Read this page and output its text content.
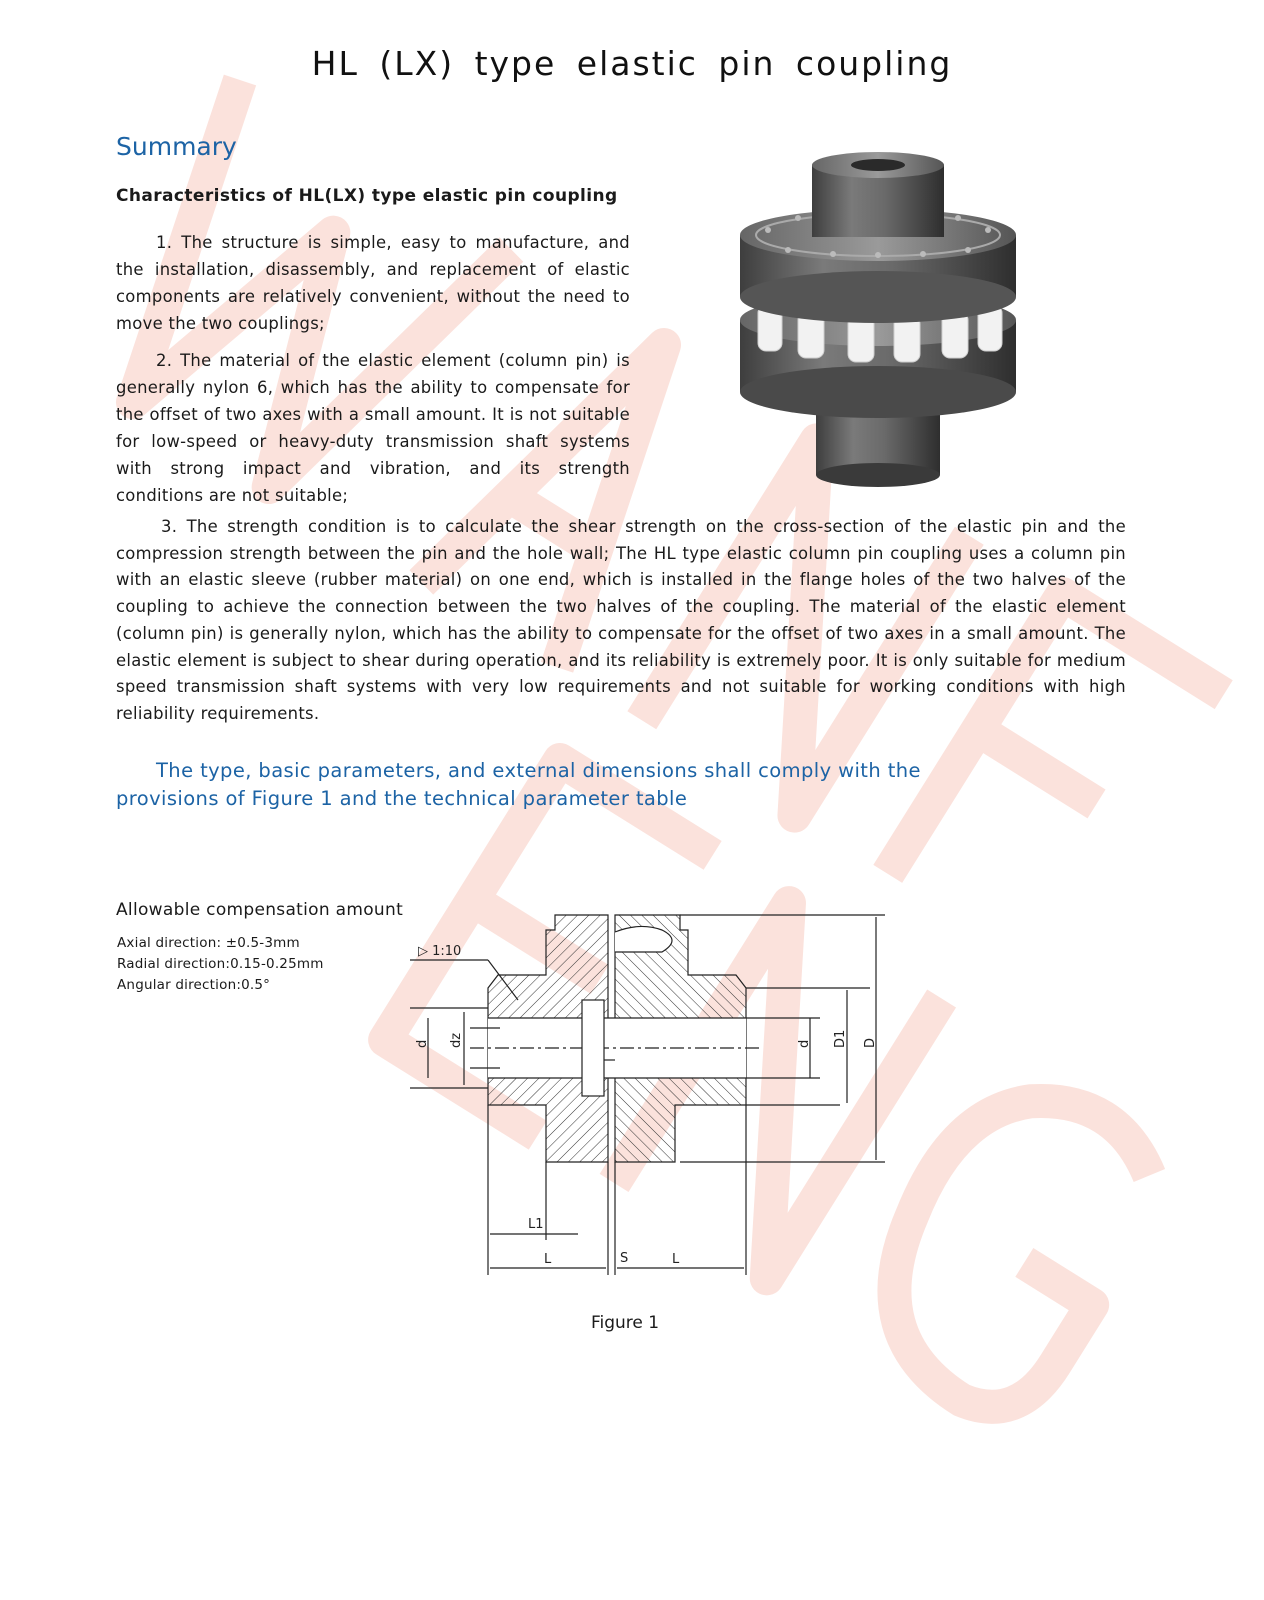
HL (LX) type elastic pin coupling
Summary
Characteristics of HL(LX) type elastic pin coupling

1. The structure is simple, easy to manufacture, and the installation, disassembly, and replacement of elastic components are relatively convenient, without the need to move the two couplings;

2. The material of the elastic element (column pin) is generally nylon 6, which has the ability to compensate for the offset of two axes with a small amount. It is not suitable for low-speed or heavy-duty transmission shaft systems with strong impact and vibration, and its strength conditions are not suitable;

3. The strength condition is to calculate the shear strength on the cross-section of the elastic pin and the compression strength between the pin and the hole wall; The HL type elastic column pin coupling uses a column pin with an elastic sleeve (rubber material) on one end, which is installed in the flange holes of the two halves of the coupling to achieve the connection between the two halves of the coupling. The material of the elastic element (column pin) is generally nylon, which has the ability to compensate for the offset of two axes in a small amount. The elastic element is subject to shear during operation, and its reliability is extremely poor. It is only suitable for medium speed transmission shaft systems with very low requirements and not suitable for working conditions with high reliability requirements.

The type, basic parameters, and external dimensions shall comply with the provisions of Figure 1 and the technical parameter table
Allowable compensation amount
Axial direction: ±0.5-3mm
Radial direction:0.15-0.25mm
Angular direction:0.5°
▷ 1:10
d dz	d D1 D
L1
L	S	L
Figure 1
